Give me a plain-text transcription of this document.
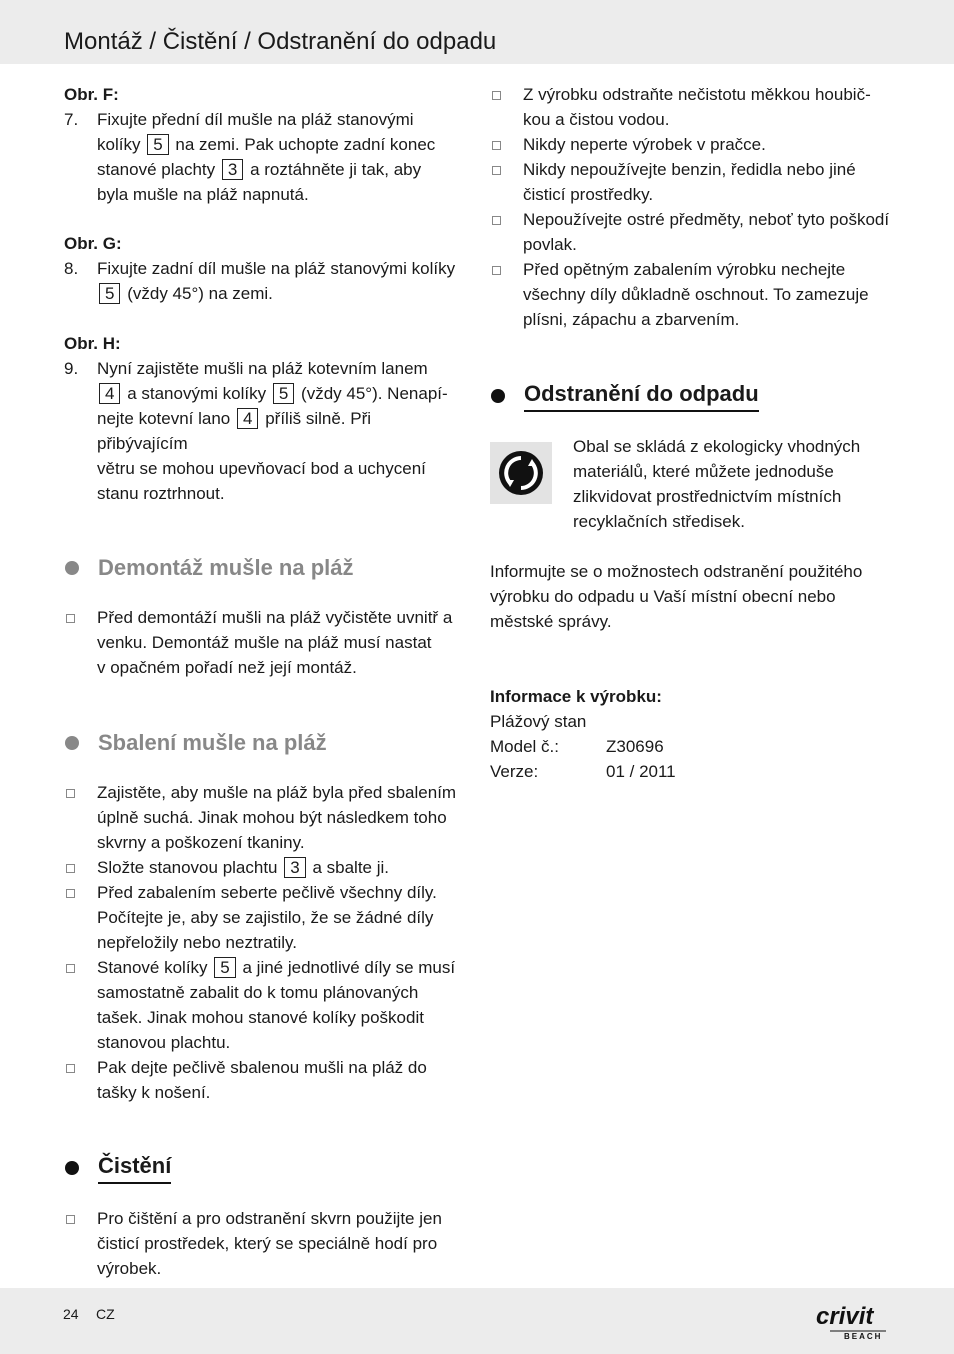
Montáž / Čistění / Odstranění do odpadu
Obr. F:
7.	Fixujte přední díl mušle na pláž stanovými
kolíky 5 na zemi. Pak uchopte zadní konec
stanové plachty 3 a roztáhněte ji tak, aby
byla mušle na pláž napnutá.
Obr. G:
8.	Fixujte zadní díl mušle na pláž stanovými kolíky
5 (vždy 45°) na zemi.
Obr. H:
9.	Nyní zajistěte mušli na pláž kotevním lanem
4 a stanovými kolíky 5 (vždy 45°). Nenapí-
nejte kotevní lano 4 příliš silně. Při přibývajícím
větru se mohou upevňovací bod a uchycení
stanu roztrhnout.
Demontáž mušle na pláž
Před demontáží mušli na pláž vyčistěte uvnitř a
venku. Demontáž mušle na pláž musí nastat
v opačném pořadí než její montáž.
Sbalení mušle na pláž
Zajistěte, aby mušle na pláž byla před sbalením
úplně suchá. Jinak mohou být následkem toho
skvrny a poškození tkaniny.
Složte stanovou plachtu 3 a sbalte ji.
Před zabalením seberte pečlivě všechny díly.
Počítejte je, aby se zajistilo, že se žádné díly
nepřeložily nebo neztratily.
Stanové kolíky 5 a jiné jednotlivé díly se musí
samostatně zabalit do k tomu plánovaných
tašek. Jinak mohou stanové kolíky poškodit
stanovou plachtu.
Pak dejte pečlivě sbalenou mušli na pláž do
tašky k nošení.
Čistění
Pro čištění a pro odstranění skvrn použijte jen
čisticí prostředek, který se speciálně hodí pro
výrobek.
Z výrobku odstraňte nečistotu měkkou houbič-
kou a čistou vodou.
Nikdy neperte výrobek v pračce.
Nikdy nepoužívejte benzin, ředidla nebo jiné
čisticí prostředky.
Nepoužívejte ostré předměty, neboť tyto poškodí
povlak.
Před opětným zabalením výrobku nechejte
všechny díly důkladně oschnout. To zamezuje
plísni, zápachu a zbarvením.
Odstranění do odpadu
Obal se skládá z ekologicky vhodných
materiálů, které můžete jednoduše
zlikvidovat prostřednictvím místních
recyklačních středisek.
Informujte se o možnostech odstranění použitého
výrobku do odpadu u Vaší místní obecní nebo
městské správy.
Informace k výrobku:
Plážový stan
Model č.:	Z30696
Verze:	01 / 2011
24 CZ	crivit
BEACH
